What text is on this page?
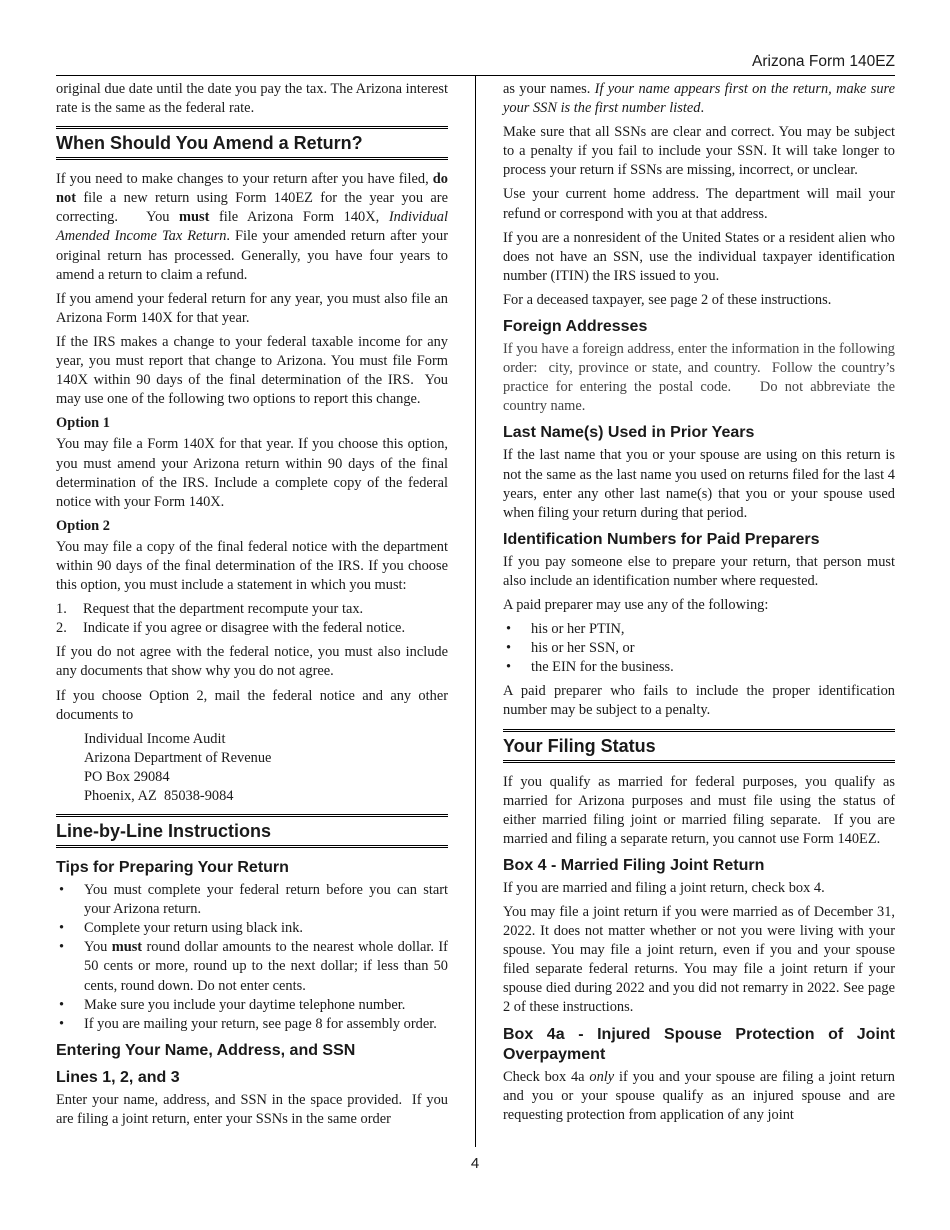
Arizona Form 140EZ

original due date until the date you pay the tax. The Arizona interest rate is the same as the federal rate.

When Should You Amend a Return?

If you need to make changes to your return after you have filed, do not file a new return using Form 140EZ for the year you are correcting.   You must file Arizona Form 140X, Individual Amended Income Tax Return. File your amended return after your original return has processed. Generally, you have four years to amend a return to claim a refund.

If you amend your federal return for any year, you must also file an Arizona Form 140X for that year.

If the IRS makes a change to your federal taxable income for any year, you must report that change to Arizona. You must file Form 140X within 90 days of the final determination of the IRS.  You may use one of the following two options to report this change.

Option 1

You may file a Form 140X for that year. If you choose this option, you must amend your Arizona return within 90 days of the final determination of the IRS. Include a complete copy of the federal notice with your Form 140X.

Option 2

You may file a copy of the final federal notice with the department within 90 days of the final determination of the IRS. If you choose this option, you must include a statement in which you must:

1. Request that the department recompute your tax.
2. Indicate if you agree or disagree with the federal notice.

If you do not agree with the federal notice, you must also include any documents that show why you do not agree.

If you choose Option 2, mail the federal notice and any other documents to

Individual Income Audit
Arizona Department of Revenue
PO Box 29084
Phoenix, AZ  85038-9084
Line-by-Line Instructions
Tips for Preparing Your Return
• You must complete your federal return before you can start your Arizona return.
• Complete your return using black ink.
• You must round dollar amounts to the nearest whole dollar. If 50 cents or more, round up to the next dollar; if less than 50 cents, round down. Do not enter cents.
• Make sure you include your daytime telephone number.
• If you are mailing your return, see page 8 for assembly order.
Entering Your Name, Address, and SSN
Lines 1, 2, and 3

Enter your name, address, and SSN in the space provided.  If you are filing a joint return, enter your SSNs in the same order

as your names. If your name appears first on the return, make sure your SSN is the first number listed.

Make sure that all SSNs are clear and correct. You may be subject to a penalty if you fail to include your SSN. It will take longer to process your return if SSNs are missing, incorrect, or unclear.

Use your current home address. The department will mail your refund or correspond with you at that address.

If you are a nonresident of the United States or a resident alien who does not have an SSN, use the individual taxpayer identification number (ITIN) the IRS issued to you.

For a deceased taxpayer, see page 2 of these instructions.

Foreign Addresses

If you have a foreign address, enter the information in the following order:  city, province or state, and country.  Follow the country’s practice for entering the postal code.    Do not abbreviate the country name.

Last Name(s) Used in Prior Years

If the last name that you or your spouse are using on this return is not the same as the last name you used on returns filed for the last 4 years, enter any other last name(s) that you or your spouse used when filing your return during that period.

Identification Numbers for Paid Preparers

If you pay someone else to prepare your return, that person must also include an identification number where requested.

A paid preparer may use any of the following:

• his or her PTIN,
• his or her SSN, or
• the EIN for the business.

A paid preparer who fails to include the proper identification number may be subject to a penalty.

Your Filing Status

If you qualify as married for federal purposes, you qualify as married for Arizona purposes and must file using the status of either married filing joint or married filing separate.  If you are married and filing a separate return, you cannot use Form 140EZ.

Box 4 - Married Filing Joint Return

If you are married and filing a joint return, check box 4.

You may file a joint return if you were married as of December 31, 2022. It does not matter whether or not you were living with your spouse. You may file a joint return, even if you and your spouse filed separate federal returns. You may file a joint return if your spouse died during 2022 and you did not remarry in 2022. See page 2 of these instructions.

Box 4a - Injured Spouse Protection of Joint Overpayment

Check box 4a only if you and your spouse are filing a joint return and you or your spouse qualify as an injured spouse and are requesting protection from application of any joint

4
